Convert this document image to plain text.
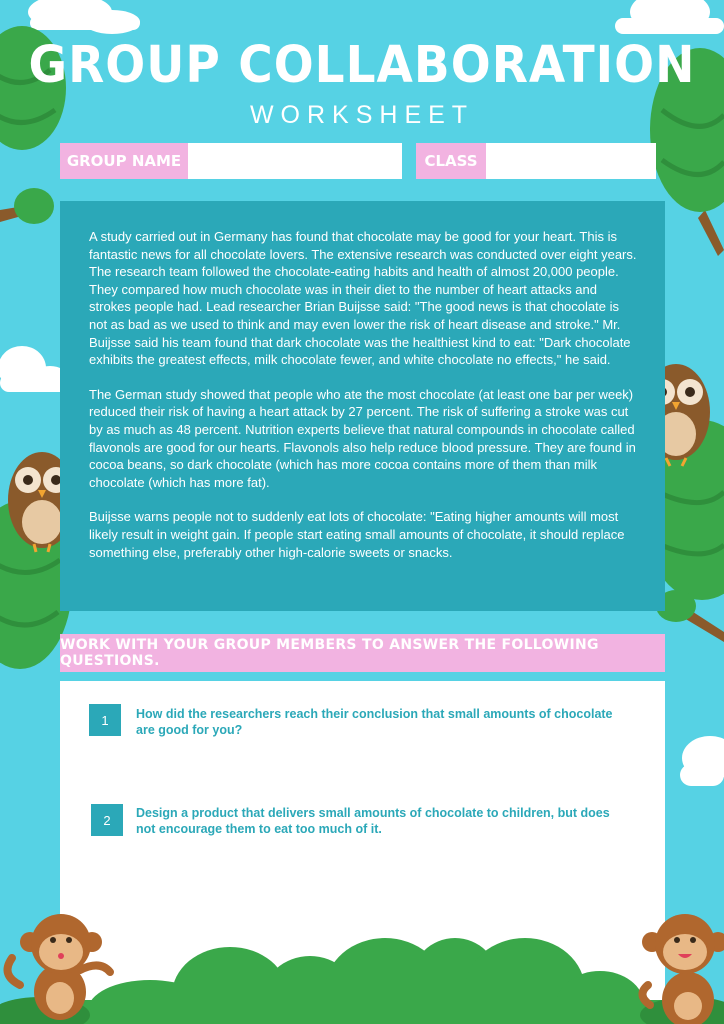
GROUP COLLABORATION
WORKSHEET
GROUP NAME	CLASS

A study carried out in Germany has found that chocolate may be good for your heart. This is fantastic news for all chocolate lovers. The extensive research was conducted over eight years. The research team followed the chocolate-eating habits and health of almost 20,000 people. They compared how much chocolate was in their diet to the number of heart attacks and strokes people had. Lead researcher Brian Buijsse said: "The good news is that chocolate is not as bad as we used to think and may even lower the risk of heart disease and stroke." Mr. Buijsse said his team found that dark chocolate was the healthiest kind to eat: "Dark chocolate exhibits the greatest effects, milk chocolate fewer, and white chocolate no effects," he said.

The German study showed that people who ate the most chocolate (at least one bar per week) reduced their risk of having a heart attack by 27 percent. The risk of suffering a stroke was cut by as much as 48 percent. Nutrition experts believe that natural compounds in chocolate called flavonols are good for our hearts. Flavonols also help reduce blood pressure. They are found in cocoa beans, so dark chocolate (which has more cocoa contains more of them than milk chocolate (which has more fat).

Buijsse warns people not to suddenly eat lots of chocolate: "Eating higher amounts will most likely result in weight gain. If people start eating small amounts of chocolate, it should replace something else, preferably other high-calorie sweets or snacks.

WORK WITH YOUR GROUP MEMBERS TO ANSWER THE FOLLOWING QUESTIONS.
1	How did the researchers reach their conclusion that small amounts of chocolate are good for you?
2	Design a product that delivers small amounts of chocolate to children, but does not encourage them to eat too much of it.
